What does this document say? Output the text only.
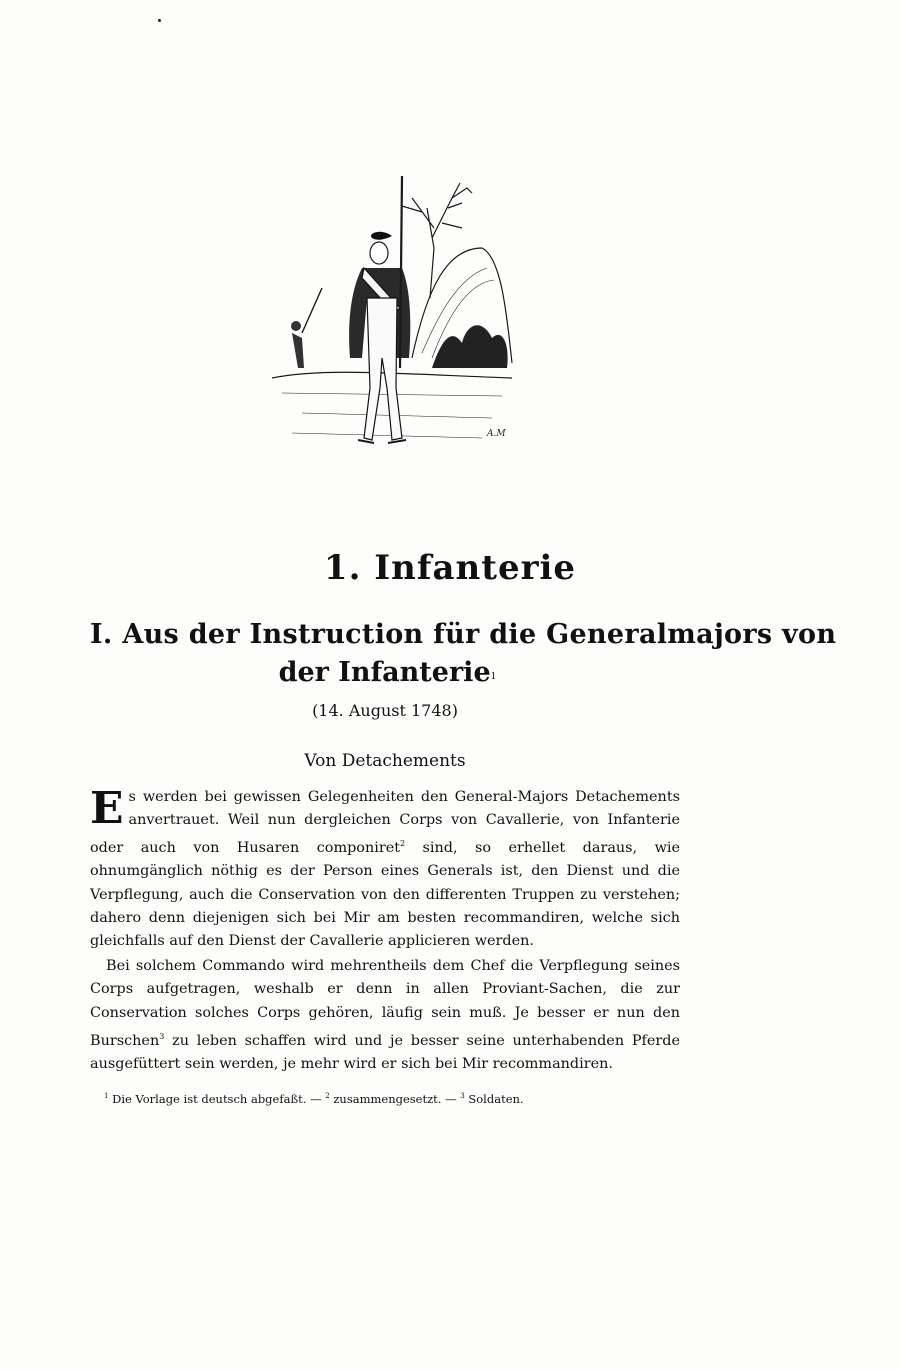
A.M
1. Infanterie
I. Aus der Instruction für die Generalmajors von
der Infanterie$^1$
(14. August 1748)
Von Detachements

Es werden bei gewissen Gelegenheiten den General-Majors Detachements anvertrauet. Weil nun dergleichen Corps von Cavallerie, von Infanterie oder auch von Husaren componiret$^2$ sind, so erhellet daraus, wie ohnumgänglich nöthig es der Person eines Generals ist, den Dienst und die Verpflegung, auch die Conservation von den differenten Truppen zu verstehen; dahero denn diejenigen sich bei Mir am besten recommandiren, welche sich gleichfalls auf den Dienst der Cavallerie applicieren werden.

Bei solchem Commando wird mehrentheils dem Chef die Verpflegung seines Corps aufgetragen, weshalb er denn in allen Proviant-Sachen, die zur Conservation solches Corps gehören, läufig sein muß. Je besser er nun den Burschen$^3$ zu leben schaffen wird und je besser seine unterhabenden Pferde ausgefüttert sein werden, je mehr wird er sich bei Mir recommandiren.

$^1$ Die Vorlage ist deutsch abgefaßt. — $^2$ zusammengesetzt. — $^3$ Soldaten.
